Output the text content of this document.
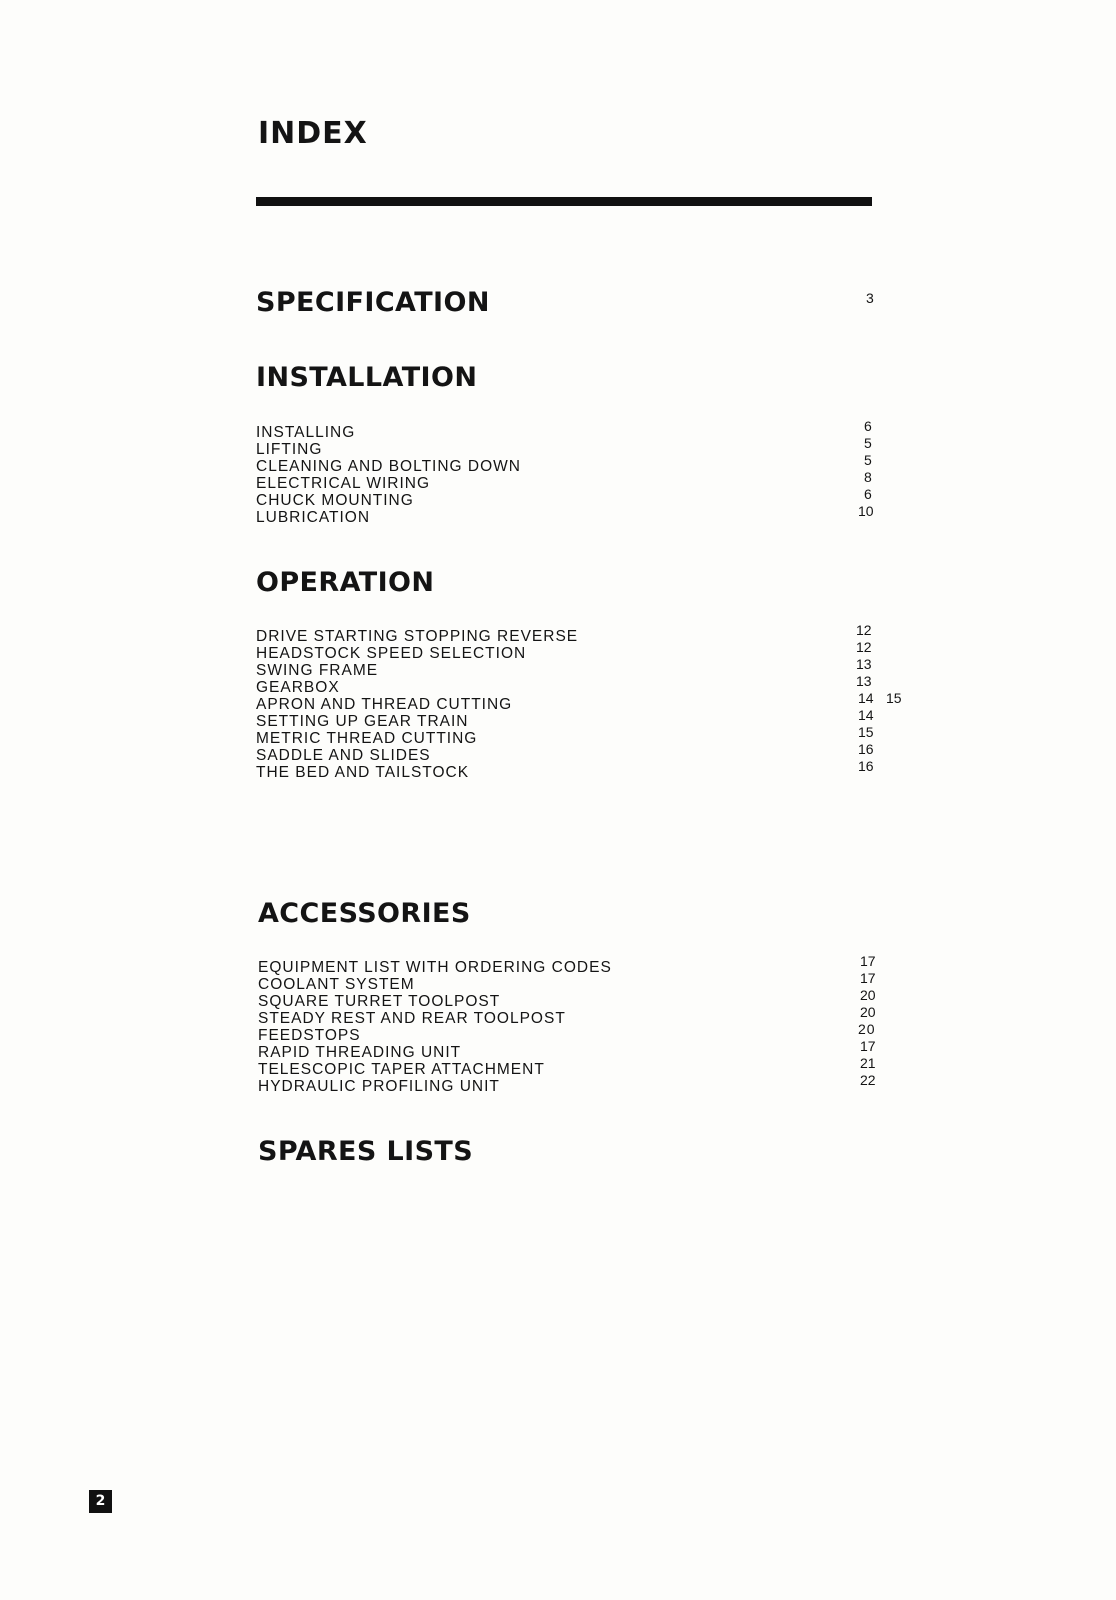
INDEX
SPECIFICATION	3
INSTALLATION
INSTALLING	6
LIFTING	5
CLEANING AND BOLTING DOWN	5
ELECTRICAL WIRING	8
CHUCK MOUNTING	6
LUBRICATION	10
OPERATION
DRIVE STARTING STOPPING REVERSE	12
HEADSTOCK SPEED SELECTION	12
SWING FRAME	13
GEARBOX	13
APRON AND THREAD CUTTING	14 15
SETTING UP GEAR TRAIN	14
METRIC THREAD CUTTING	15
SADDLE AND SLIDES	16
THE BED AND TAILSTOCK	16
ACCESSORIES
EQUIPMENT LIST WITH ORDERING CODES	17
COOLANT SYSTEM	17
SQUARE TURRET TOOLPOST	20
STEADY REST AND REAR TOOLPOST	20
FEEDSTOPS	20
RAPID THREADING UNIT	17
TELESCOPIC TAPER ATTACHMENT	21
HYDRAULIC PROFILING UNIT	22
SPARES LISTS
2
